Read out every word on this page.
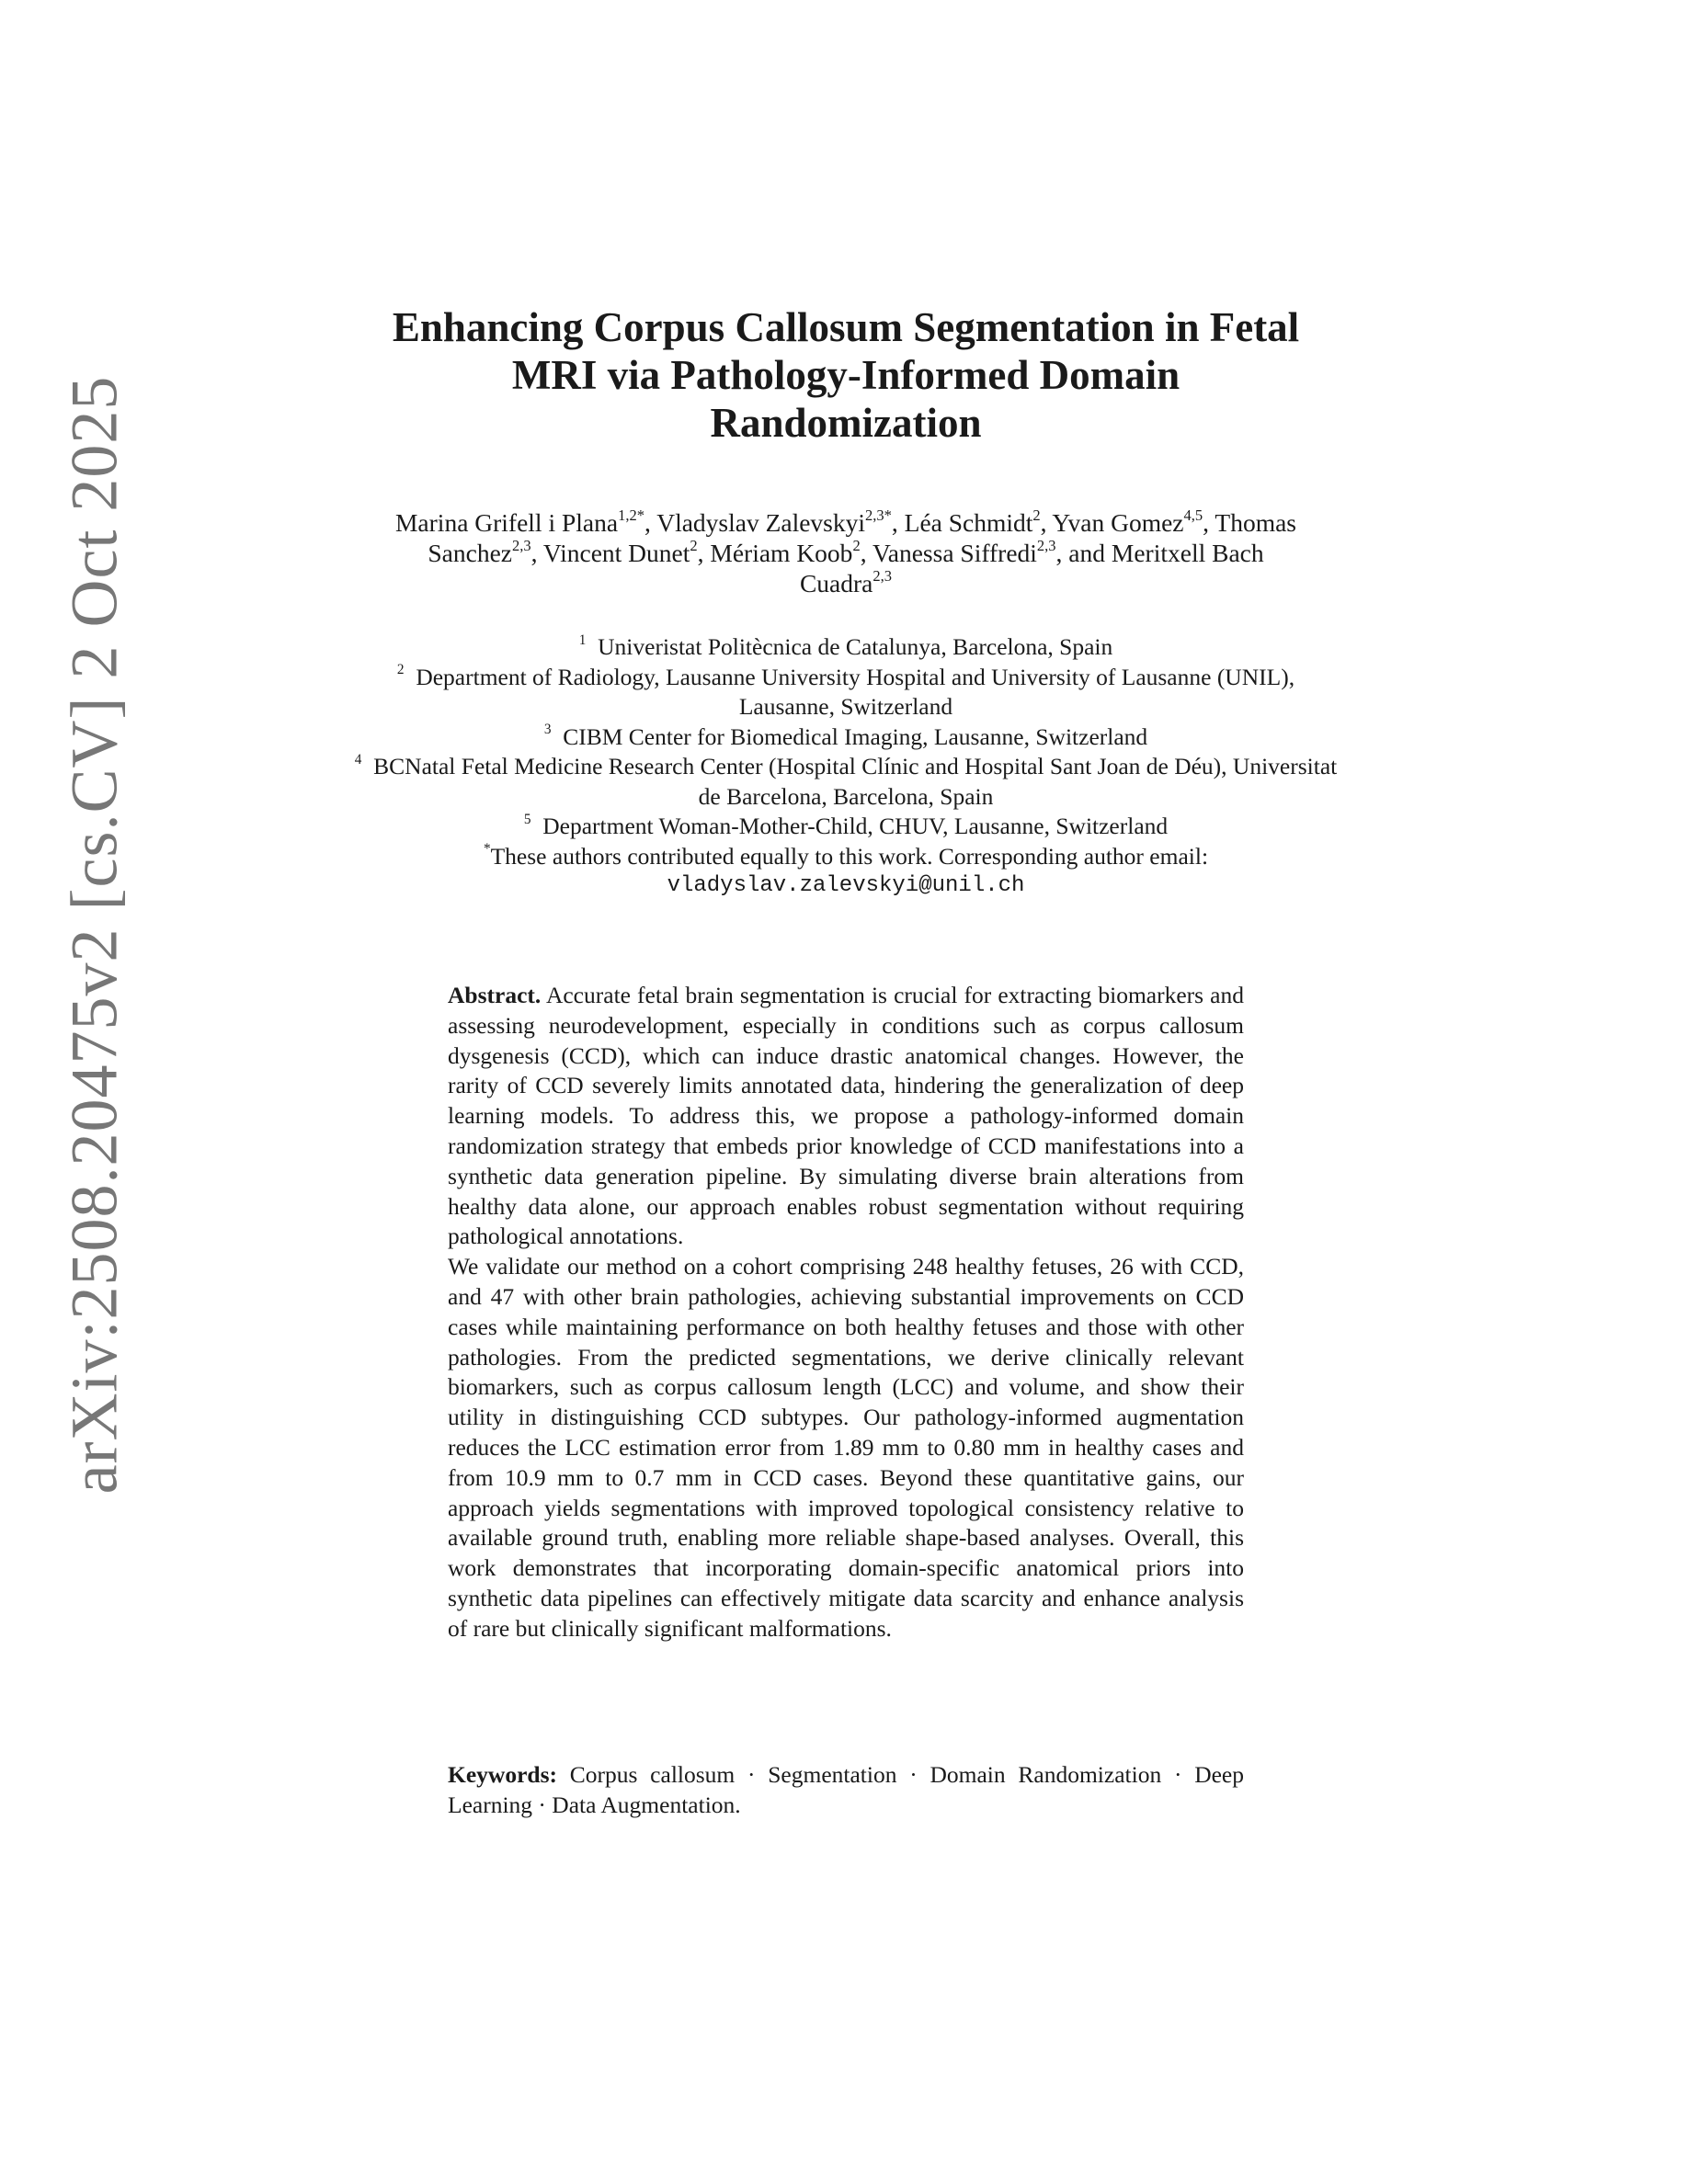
arXiv:2508.20475v2 [cs.CV] 2 Oct 2025
Enhancing Corpus Callosum Segmentation in Fetal MRI via Pathology-Informed Domain Randomization
Marina Grifell i Plana$^{1,2*}$, Vladyslav Zalevskyi$^{2,3*}$, Léa Schmidt$^2$, Yvan Gomez$^{4,5}$, Thomas Sanchez$^{2,3}$, Vincent Dunet$^2$, Mériam Koob$^2$, Vanessa Siffredi$^{2,3}$, and Meritxell Bach Cuadra$^{2,3}$
$^1$ Univeristat Politècnica de Catalunya, Barcelona, Spain
$^2$ Department of Radiology, Lausanne University Hospital and University of Lausanne (UNIL), Lausanne, Switzerland
$^3$ CIBM Center for Biomedical Imaging, Lausanne, Switzerland
$^4$ BCNatal Fetal Medicine Research Center (Hospital Clínic and Hospital Sant Joan de Déu), Universitat de Barcelona, Barcelona, Spain
$^5$ Department Woman-Mother-Child, CHUV, Lausanne, Switzerland
*These authors contributed equally to this work. Corresponding author email:
vladyslav.zalevskyi@unil.ch

Abstract. Accurate fetal brain segmentation is crucial for extracting biomarkers and assessing neurodevelopment, especially in conditions such as corpus callosum dysgenesis (CCD), which can induce drastic anatomical changes. However, the rarity of CCD severely limits annotated data, hindering the generalization of deep learning models. To address this, we propose a pathology-informed domain randomization strategy that embeds prior knowledge of CCD manifestations into a synthetic data generation pipeline. By simulating diverse brain alterations from healthy data alone, our approach enables robust segmentation without requiring pathological annotations.

We validate our method on a cohort comprising 248 healthy fetuses, 26 with CCD, and 47 with other brain pathologies, achieving substantial improvements on CCD cases while maintaining performance on both healthy fetuses and those with other pathologies. From the predicted segmentations, we derive clinically relevant biomarkers, such as corpus callosum length (LCC) and volume, and show their utility in distinguishing CCD subtypes. Our pathology-informed augmentation reduces the LCC estimation error from 1.89 mm to 0.80 mm in healthy cases and from 10.9 mm to 0.7 mm in CCD cases. Beyond these quantitative gains, our approach yields segmentations with improved topological consistency relative to available ground truth, enabling more reliable shape-based analyses. Overall, this work demonstrates that incorporating domain-specific anatomical priors into synthetic data pipelines can effectively mitigate data scarcity and enhance analysis of rare but clinically significant malformations.

Keywords: Corpus callosum · Segmentation · Domain Randomization · Deep Learning · Data Augmentation.
